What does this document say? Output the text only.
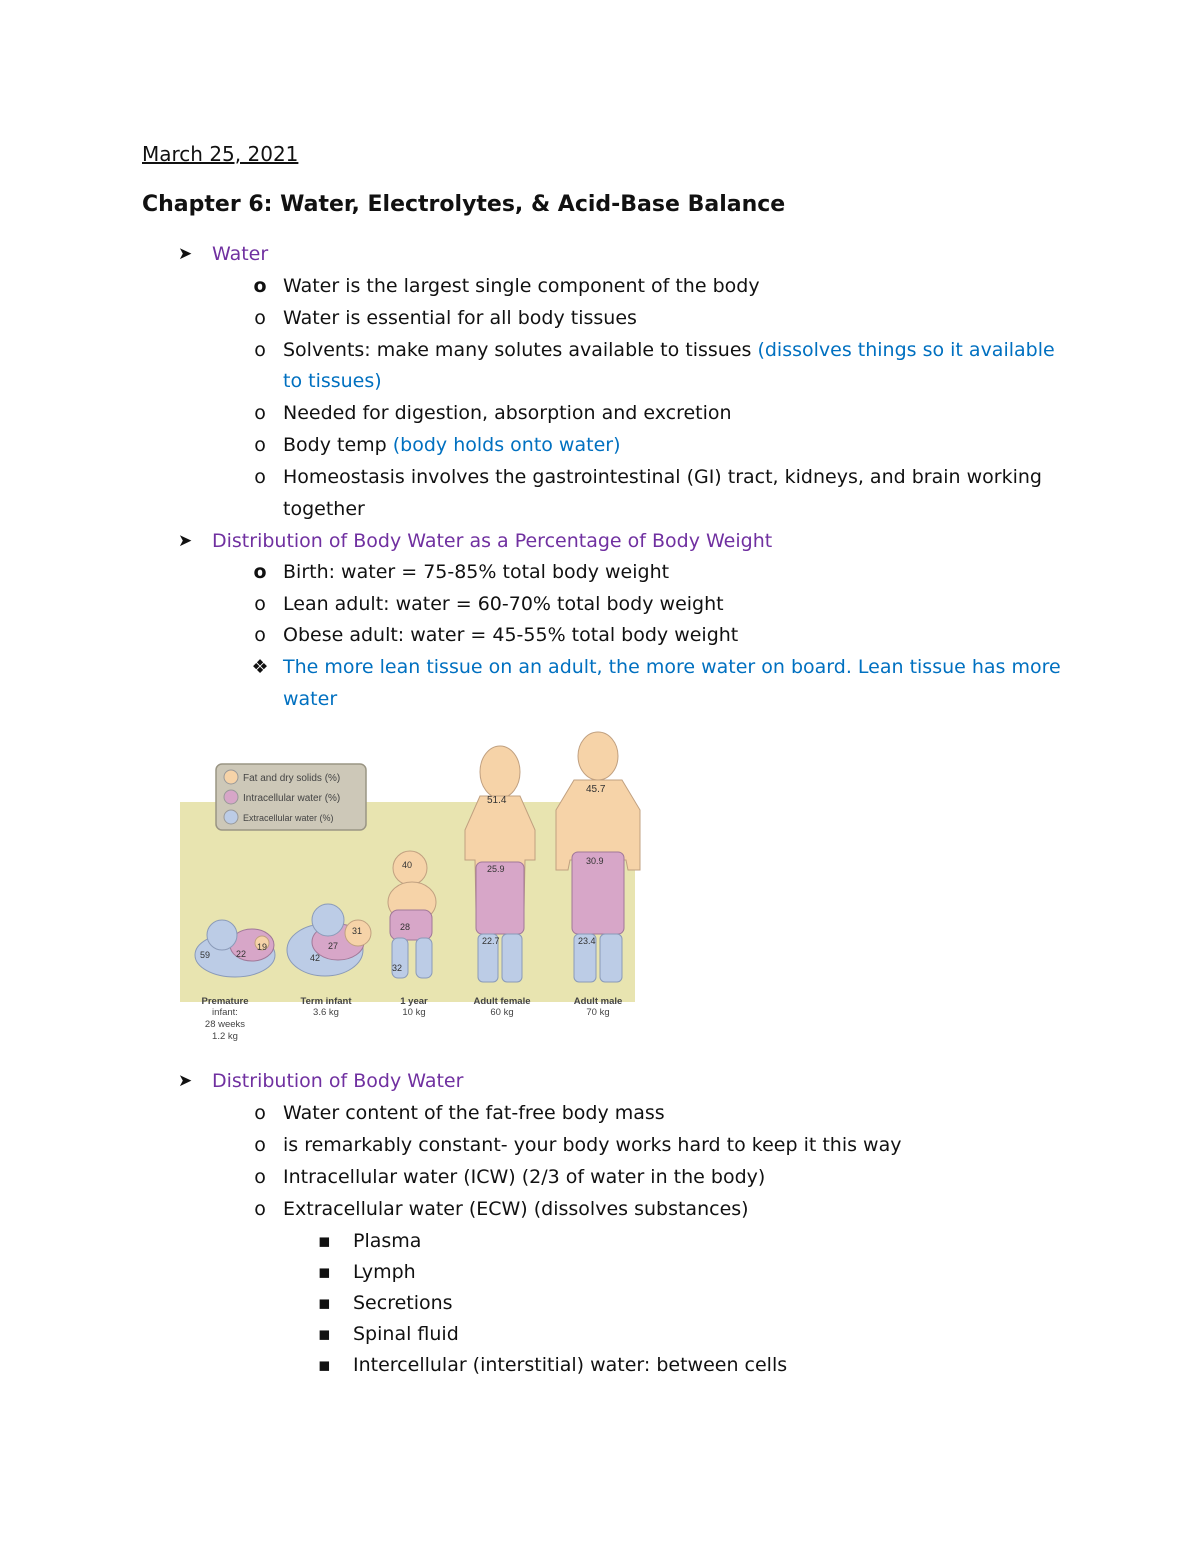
March 25, 2021
Chapter 6: Water, Electrolytes, & Acid-Base Balance
➤ Water
o Water is the largest single component of the body
o Water is essential for all body tissues
o Solvents: make many solutes available to tissues (dissolves things so it available
to tissues)
o Needed for digestion, absorption and excretion
o Body temp (body holds onto water)
o Homeostasis involves the gastrointestinal (GI) tract, kidneys, and brain working
together
➤ Distribution of Body Water as a Percentage of Body Weight
o Birth: water = 75-85% total body weight
o Lean adult: water = 60-70% total body weight
o Obese adult: water = 45-55% total body weight
❖ The more lean tissue on an adult, the more water on board. Lean tissue has more
water
Fat and dry solids (%)
Intracellular water (%)
Extracellular water (%)
59	22
19
42
27
31
40
28
32
51.4
25.9
22.7
45.7
30.9
23.4
Premature
infant:
28 weeks
1.2 kg
Term infant
3.6 kg
1 year
10 kg
Adult female
60 kg
Adult male
70 kg
➤ Distribution of Body Water
o Water content of the fat-free body mass
o is remarkably constant- your body works hard to keep it this way
o Intracellular water (ICW) (2/3 of water in the body)
o Extracellular water (ECW) (dissolves substances)
▪ Plasma
▪ Lymph
▪ Secretions
▪ Spinal fluid
▪ Intercellular (interstitial) water: between cells
